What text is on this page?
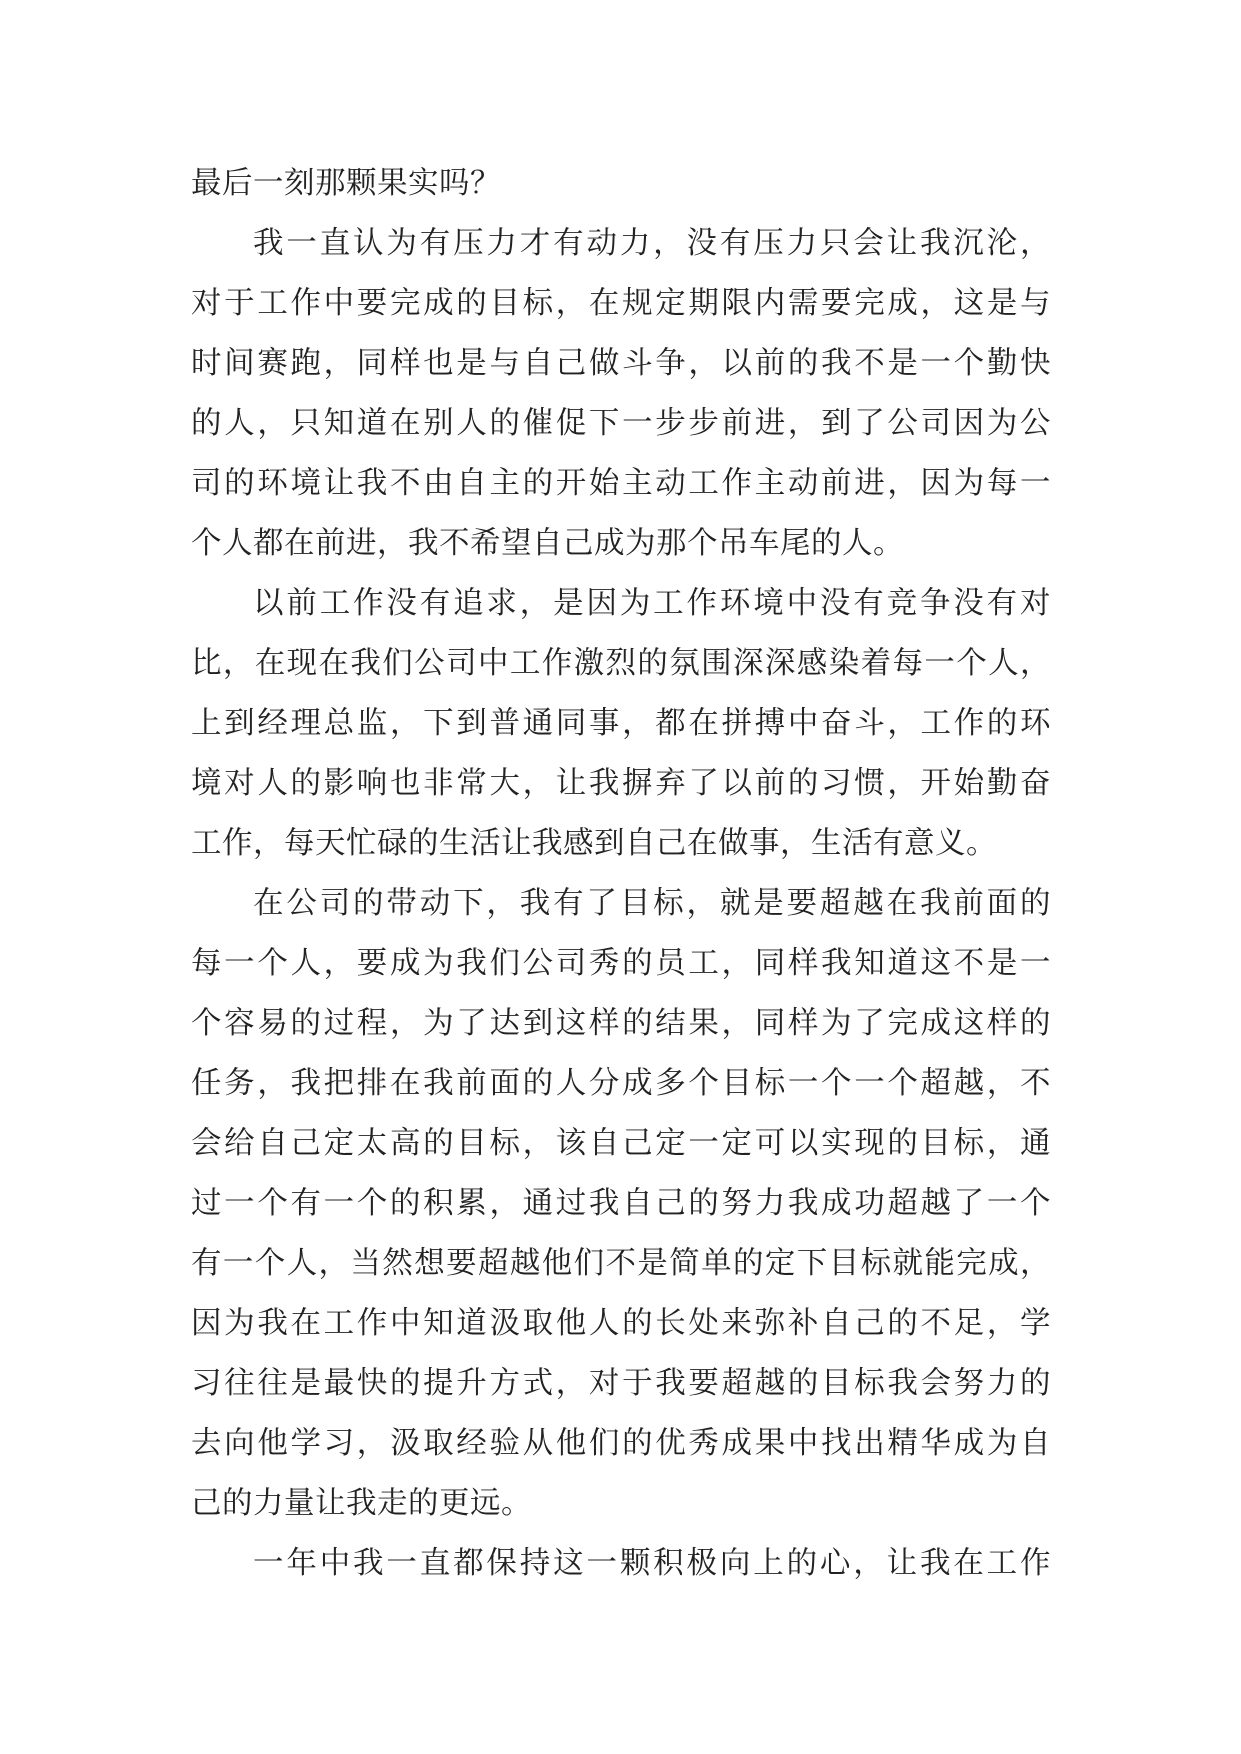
最后一刻那颗果实吗？
我一直认为有压力才有动力，没有压力只会让我沉沦，
对于工作中要完成的目标，在规定期限内需要完成，这是与
时间赛跑，同样也是与自己做斗争，以前的我不是一个勤快
的人，只知道在别人的催促下一步步前进，到了公司因为公
司的环境让我不由自主的开始主动工作主动前进，因为每一
个人都在前进，我不希望自己成为那个吊车尾的人。
以前工作没有追求，是因为工作环境中没有竞争没有对
比，在现在我们公司中工作激烈的氛围深深感染着每一个人，
上到经理总监，下到普通同事，都在拼搏中奋斗，工作的环
境对人的影响也非常大，让我摒弃了以前的习惯，开始勤奋
工作，每天忙碌的生活让我感到自己在做事，生活有意义。
在公司的带动下，我有了目标，就是要超越在我前面的
每一个人，要成为我们公司秀的员工，同样我知道这不是一
个容易的过程，为了达到这样的结果，同样为了完成这样的
任务，我把排在我前面的人分成多个目标一个一个超越，不
会给自己定太高的目标，该自己定一定可以实现的目标，通
过一个有一个的积累，通过我自己的努力我成功超越了一个
有一个人，当然想要超越他们不是简单的定下目标就能完成，
因为我在工作中知道汲取他人的长处来弥补自己的不足，学
习往往是最快的提升方式，对于我要超越的目标我会努力的
去向他学习，汲取经验从他们的优秀成果中找出精华成为自
己的力量让我走的更远。
一年中我一直都保持这一颗积极向上的心，让我在工作
